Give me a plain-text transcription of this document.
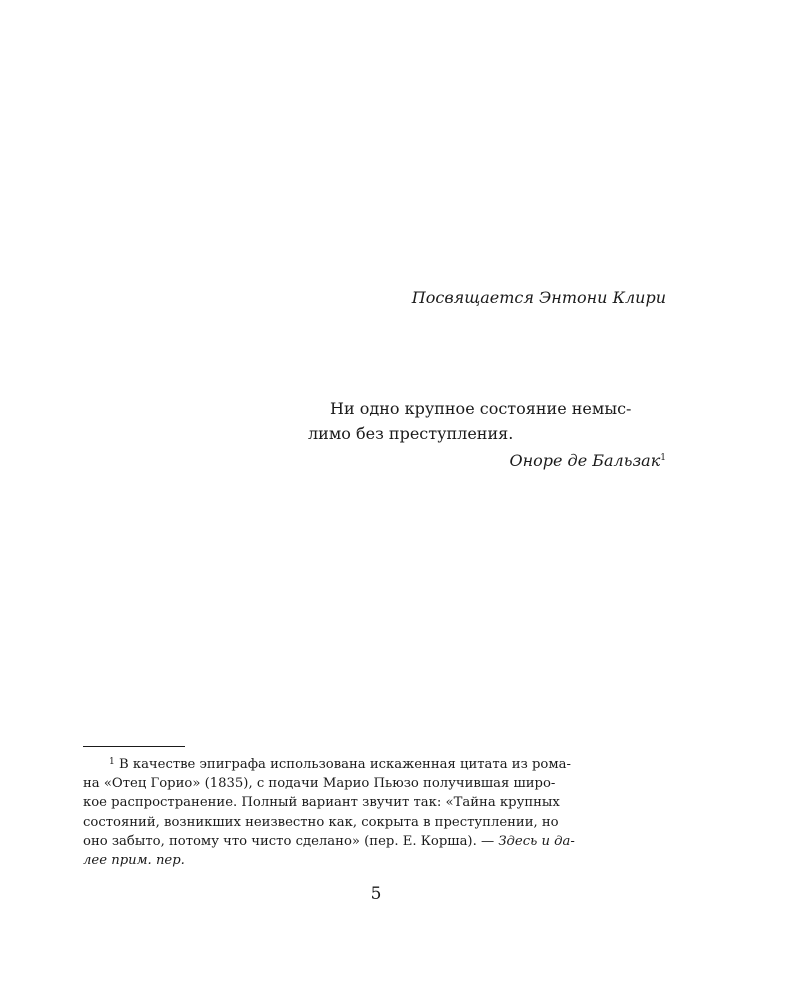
Посвящается Энтони Клири

Ни одно крупное состояние немыс-
лимо без преступления.

Оноре де Бальзак$^1$
$^1$ В качестве эпиграфа использована искаженная цитата из рома-
на «Отец Горио» (1835), с подачи Марио Пьюзо получившая широ-
кое распространение. Полный вариант звучит так: «Тайна крупных
состояний, возникших неизвестно как, сокрыта в преступлении, но
оно забыто, потому что чисто сделано» (пер. Е. Корша). — Здесь и да-
лее прим. пер.
5
